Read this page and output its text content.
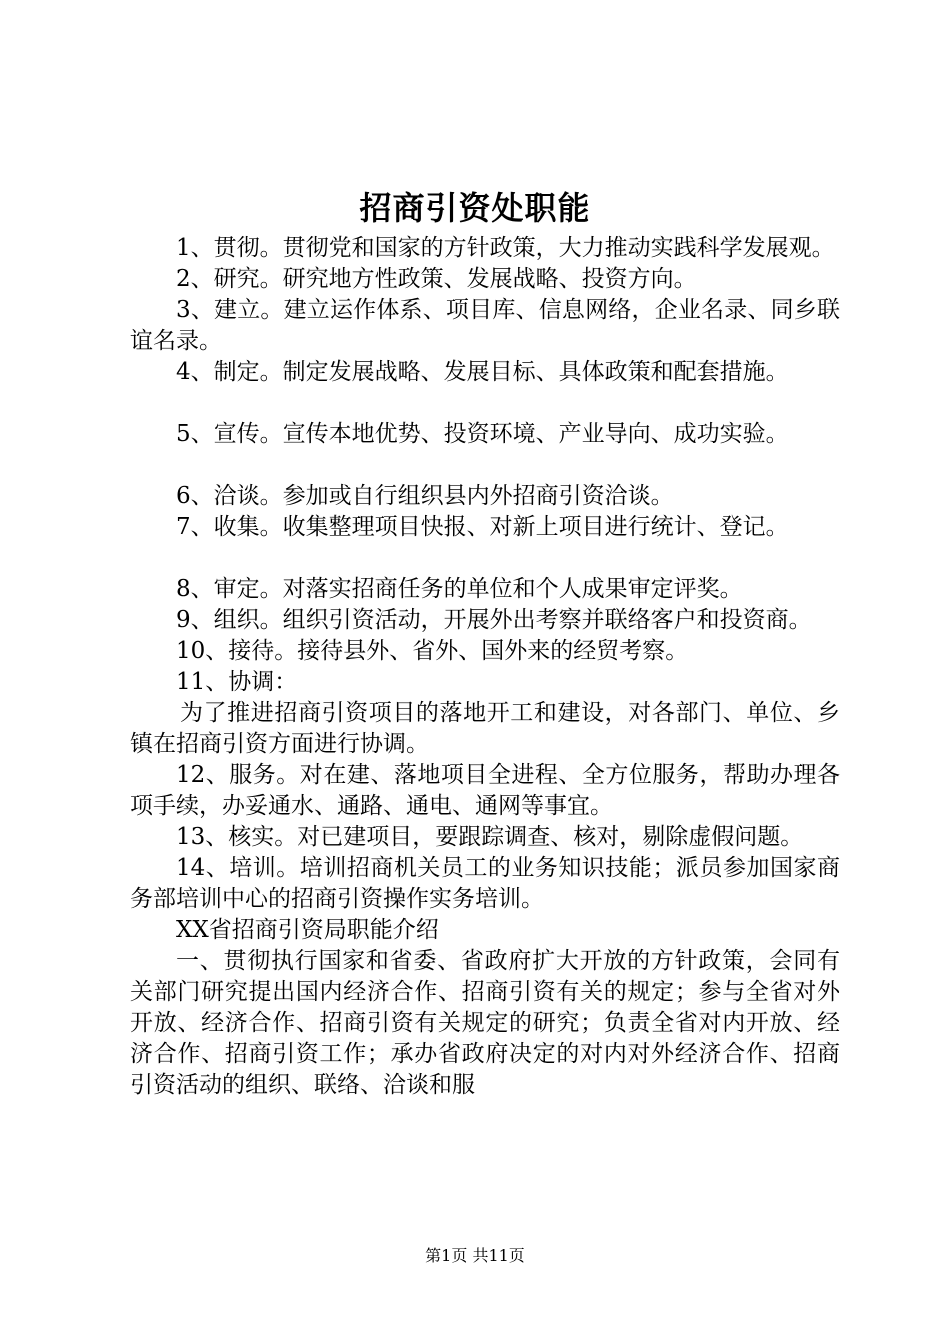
招商引资处职能

1、贯彻。贯彻党和国家的方针政策，大力推动实践科学发展观。

2、研究。研究地方性政策、发展战略、投资方向。

3、建立。建立运作体系、项目库、信息网络，企业名录、同乡联谊名录。

4、制定。制定发展战略、发展目标、具体政策和配套措施。

5、宣传。宣传本地优势、投资环境、产业导向、成功实验。

6、洽谈。参加或自行组织县内外招商引资洽谈。

7、收集。收集整理项目快报、对新上项目进行统计、登记。

8、审定。对落实招商任务的单位和个人成果审定评奖。

9、组织。组织引资活动，开展外出考察并联络客户和投资商。

10、接待。接待县外、省外、国外来的经贸考察。

11、协调：

为了推进招商引资项目的落地开工和建设，对各部门、单位、乡镇在招商引资方面进行协调。

12、服务。对在建、落地项目全进程、全方位服务，帮助办理各项手续，办妥通水、通路、通电、通网等事宜。

13、核实。对已建项目，要跟踪调查、核对，剔除虚假问题。

14、培训。培训招商机关员工的业务知识技能；派员参加国家商务部培训中心的招商引资操作实务培训。

XX省招商引资局职能介绍

一、贯彻执行国家和省委、省政府扩大开放的方针政策，会同有关部门研究提出国内经济合作、招商引资有关的规定；参与全省对外开放、经济合作、招商引资有关规定的研究；负责全省对内开放、经济合作、招商引资工作；承办省政府决定的对内对外经济合作、招商引资活动的组织、联络、洽谈和服

第1页 共11页
